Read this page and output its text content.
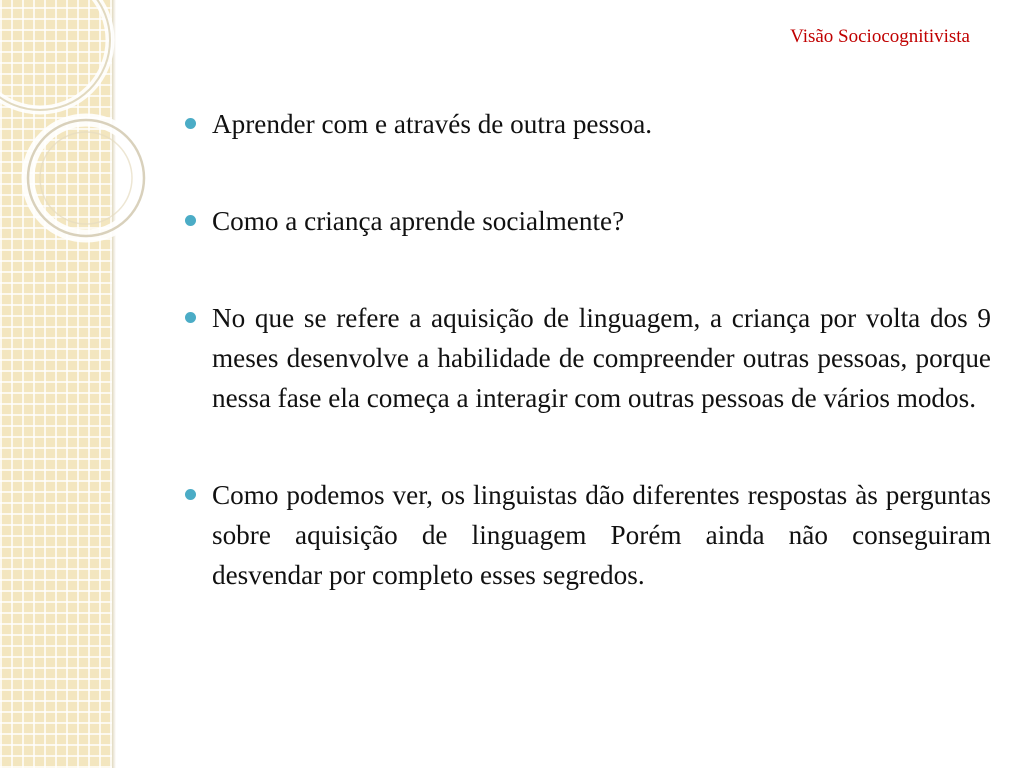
Visão Sociocognitivista
Aprender com e através de outra pessoa.
Como a criança aprende socialmente?
No que se refere a aquisição de linguagem, a criança por volta dos 9 meses desenvolve a habilidade de compreender outras pessoas, porque nessa fase ela começa a interagir com outras pessoas de vários modos.
Como podemos ver, os linguistas dão diferentes respostas às perguntas sobre aquisição de linguagem Porém ainda não conseguiram  desvendar por completo esses segredos.
